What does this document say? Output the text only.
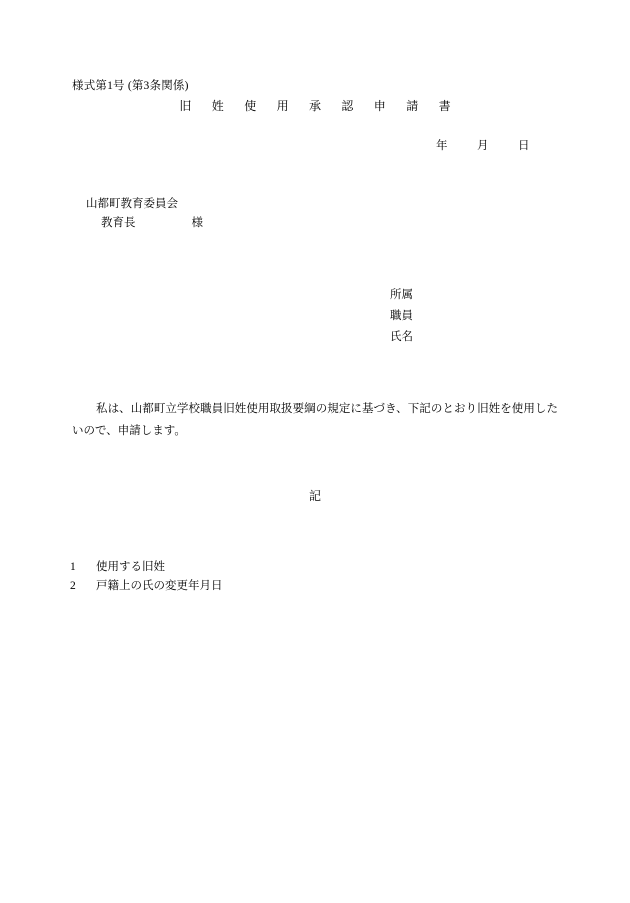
様式第1号 (第3条関係)
旧　姓　使　用　承　認　申　請　書
年	月	日
山都町教育委員会
教育長	様
所属
職員
氏名
私は、山都町立学校職員旧姓使用取扱要綱の規定に基づき、下記のとおり旧姓を使用したいので、申請します。
記
1 使用する旧姓
2 戸籍上の氏の変更年月日
